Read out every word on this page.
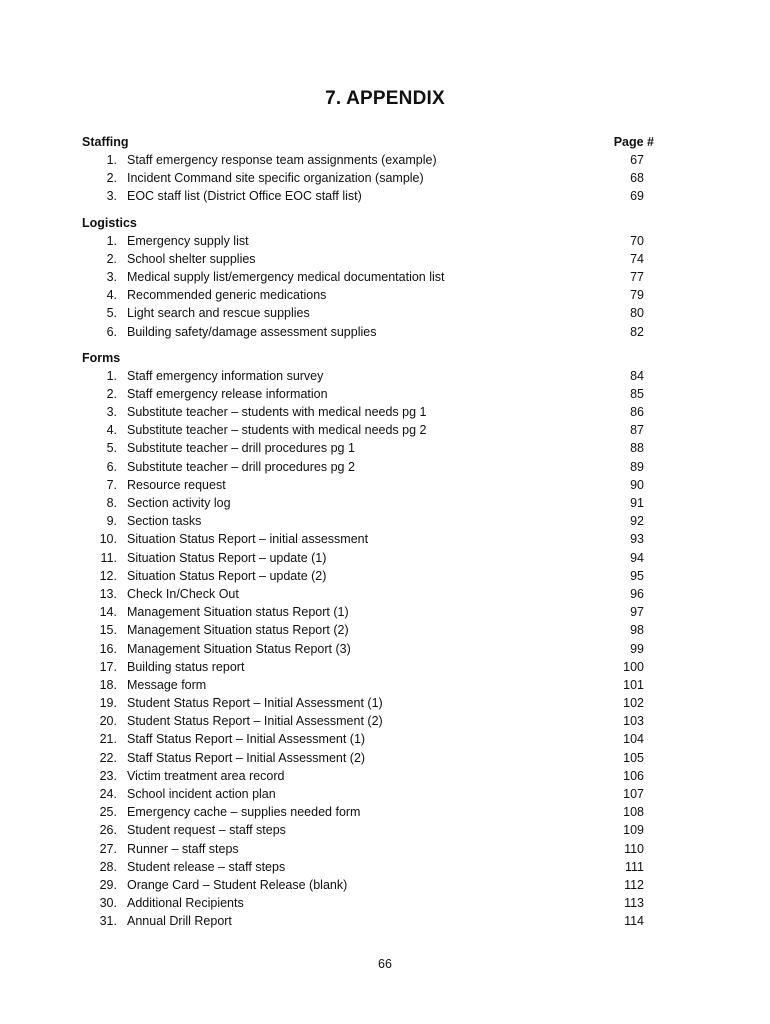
7. APPENDIX
Staffing	Page #
1. Staff emergency response team assignments (example)	67
2. Incident Command site specific organization (sample)	68
3. EOC staff list (District Office EOC staff list)	69
Logistics
1. Emergency supply list	70
2. School shelter supplies	74
3. Medical supply list/emergency medical documentation list	77
4. Recommended generic medications	79
5. Light search and rescue supplies	80
6. Building safety/damage assessment supplies	82
Forms
1. Staff emergency information survey	84
2. Staff emergency release information	85
3. Substitute teacher – students with medical needs pg 1	86
4. Substitute teacher – students with medical needs pg 2	87
5. Substitute teacher – drill procedures pg 1	88
6. Substitute teacher – drill procedures pg 2	89
7. Resource request	90
8. Section activity log	91
9. Section tasks	92
10. Situation Status Report – initial assessment	93
11. Situation Status Report – update (1)	94
12. Situation Status Report – update (2)	95
13. Check In/Check Out	96
14. Management Situation status Report (1)	97
15. Management Situation status Report (2)	98
16. Management Situation Status Report (3)	99
17. Building status report	100
18. Message form	101
19. Student Status Report – Initial Assessment (1)	102
20. Student Status Report – Initial Assessment (2)	103
21. Staff Status Report – Initial Assessment (1)	104
22. Staff Status Report – Initial Assessment (2)	105
23. Victim treatment area record	106
24. School incident action plan	107
25. Emergency cache – supplies needed form	108
26. Student request – staff steps	109
27. Runner – staff steps	110
28. Student release – staff steps	111
29. Orange Card – Student Release (blank)	112
30. Additional Recipients	113
31. Annual Drill Report	114
66
